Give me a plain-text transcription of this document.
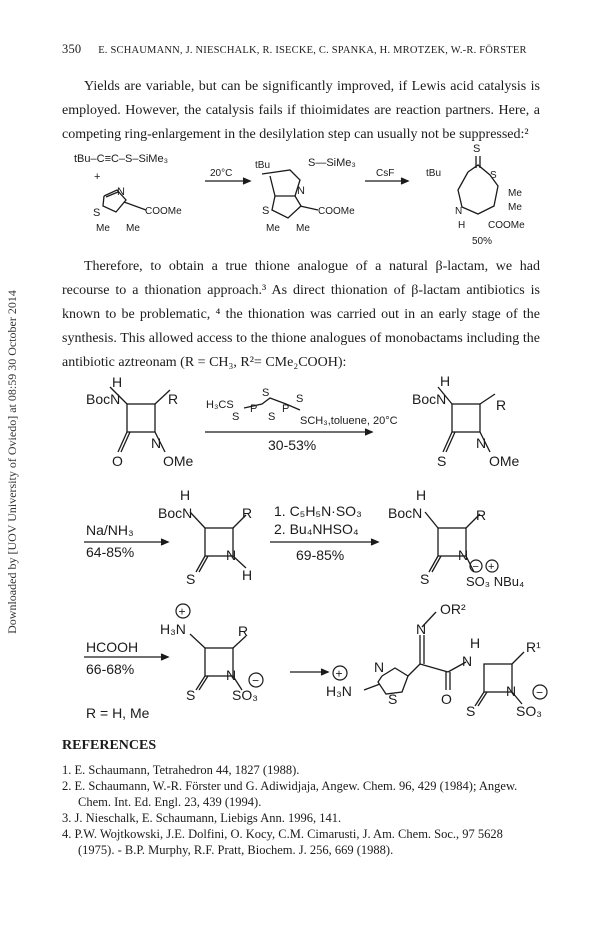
Downloaded by [UOV University of Oviedo] at 08:59 30 October 2014
350 E. SCHAUMANN, J. NIESCHALK, R. ISECKE, C. SPANKA, H. MROTZEK, W.-R. FÖRSTER

Yields are variable, but can be significantly improved, if Lewis acid catalysis is employed. However, the catalysis fails if thioimidates are reaction partners. Here, a competing ring-enlargement in the desilylation step can usually not be suppressed:²

tBu–C≡C–S–SiMe₃
+
N
S	COOMe
Me Me
20°C
tBu	S—SiMe₃
N
S	COOMe
Me Me
CsF
S
tBu	S
Me
Me
N
H COOMe
50%

Therefore, to obtain a true thione analogue of a natural β-lactam, we had recourse to a thionation approach.³ As direct thionation of β-lactam antibiotics is known to be problematic, ⁴ the thionation was carried out in an early stage of the synthesis. This allowed access to the thione analogues of monobactams including the antibiotic aztreonam (R = CH₃, R²= CMe₂COOH):

H
BocN	R
N
O	OMe
H₃CS
S
P P
S
S	S SCH₃,toluene, 20°C
30-53%
H
BocN	R
N
S	OMe
Na/NH₃
64-85%
H
BocN	R
N
S	H
1. C₅H₅N·SO₃
2. Bu₄NHSO₄
69-85%
H
BocN	R
N
S	SO₃ NBu₄
− +
HCOOH
66-68%
+
H₃N	R
N
S
−
SO₃
R = H, Me
+
H₃N
N
S
N
OR²
O
H
N
R¹
N
S
−
SO₃
REFERENCES
1. E. Schaumann, Tetrahedron 44, 1827 (1988).
2. E. Schaumann, W.-R. Förster und G. Adiwidjaja, Angew. Chem. 96, 429 (1984); Angew. Chem. Int. Ed. Engl. 23, 439 (1994).
3. J. Nieschalk, E. Schaumann, Liebigs Ann. 1996, 141.
4. P.W. Wojtkowski, J.E. Dolfini, O. Kocy, C.M. Cimarusti, J. Am. Chem. Soc., 97 5628 (1975). - B.P. Murphy, R.F. Pratt, Biochem. J. 256, 669 (1988).
